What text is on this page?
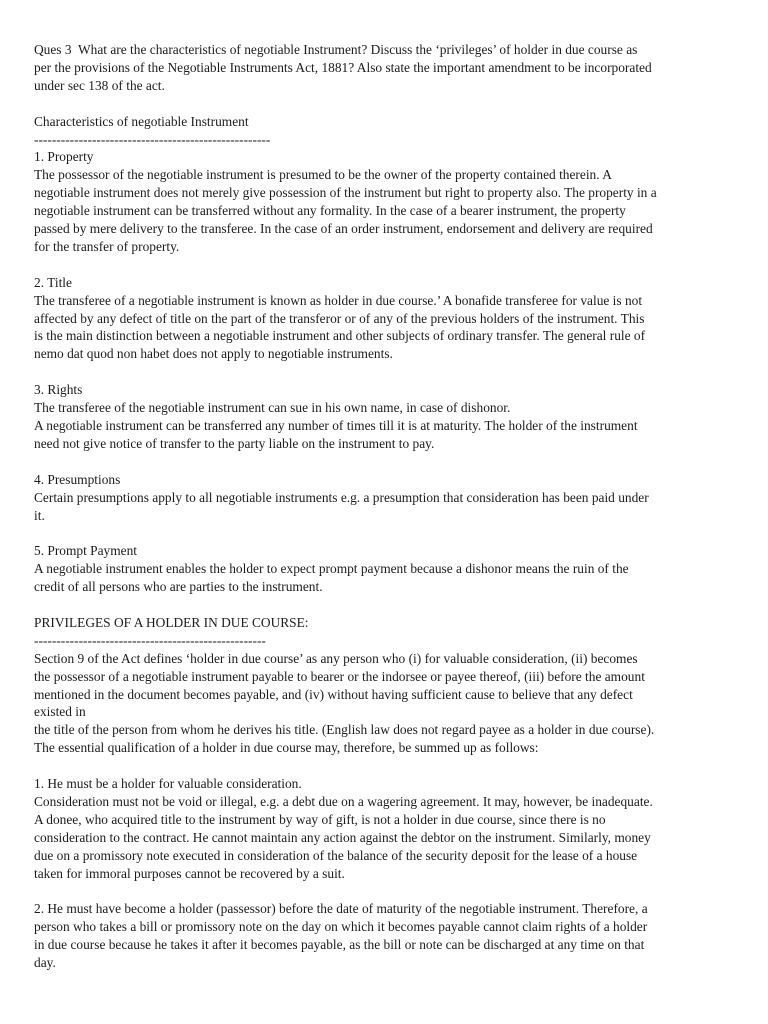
Ques 3  What are the characteristics of negotiable Instrument? Discuss the ‘privileges’ of holder in due course as
per the provisions of the Negotiable Instruments Act, 1881? Also state the important amendment to be incorporated
under sec 138 of the act.
Characteristics of negotiable Instrument
-----------------------------------------------------
1. Property
The possessor of the negotiable instrument is presumed to be the owner of the property contained therein. A
negotiable instrument does not merely give possession of the instrument but right to property also. The property in a
negotiable instrument can be transferred without any formality. In the case of a bearer instrument, the property
passed by mere delivery to the transferee. In the case of an order instrument, endorsement and delivery are required
for the transfer of property.
2. Title
The transferee of a negotiable instrument is known as holder in due course.’ A bonafide transferee for value is not
affected by any defect of title on the part of the transferor or of any of the previous holders of the instrument. This
is the main distinction between a negotiable instrument and other subjects of ordinary transfer. The general rule of
nemo dat quod non habet does not apply to negotiable instruments.
3. Rights
The transferee of the negotiable instrument can sue in his own name, in case of dishonor.
A negotiable instrument can be transferred any number of times till it is at maturity. The holder of the instrument
need not give notice of transfer to the party liable on the instrument to pay.
4. Presumptions
Certain presumptions apply to all negotiable instruments e.g. a presumption that consideration has been paid under
it.
5. Prompt Payment
A negotiable instrument enables the holder to expect prompt payment because a dishonor means the ruin of the
credit of all persons who are parties to the instrument.
PRIVILEGES OF A HOLDER IN DUE COURSE:
----------------------------------------------------
Section 9 of the Act defines ‘holder in due course’ as any person who (i) for valuable consideration, (ii) becomes
the possessor of a negotiable instrument payable to bearer or the indorsee or payee thereof, (iii) before the amount
mentioned in the document becomes payable, and (iv) without having sufficient cause to believe that any defect
existed in
the title of the person from whom he derives his title. (English law does not regard payee as a holder in due course).
The essential qualification of a holder in due course may, therefore, be summed up as follows:
1. He must be a holder for valuable consideration.
Consideration must not be void or illegal, e.g. a debt due on a wagering agreement. It may, however, be inadequate.
A donee, who acquired title to the instrument by way of gift, is not a holder in due course, since there is no
consideration to the contract. He cannot maintain any action against the debtor on the instrument. Similarly, money
due on a promissory note executed in consideration of the balance of the security deposit for the lease of a house
taken for immoral purposes cannot be recovered by a suit.
2. He must have become a holder (passessor) before the date of maturity of the negotiable instrument. Therefore, a
person who takes a bill or promissory note on the day on which it becomes payable cannot claim rights of a holder
in due course because he takes it after it becomes payable, as the bill or note can be discharged at any time on that
day.
